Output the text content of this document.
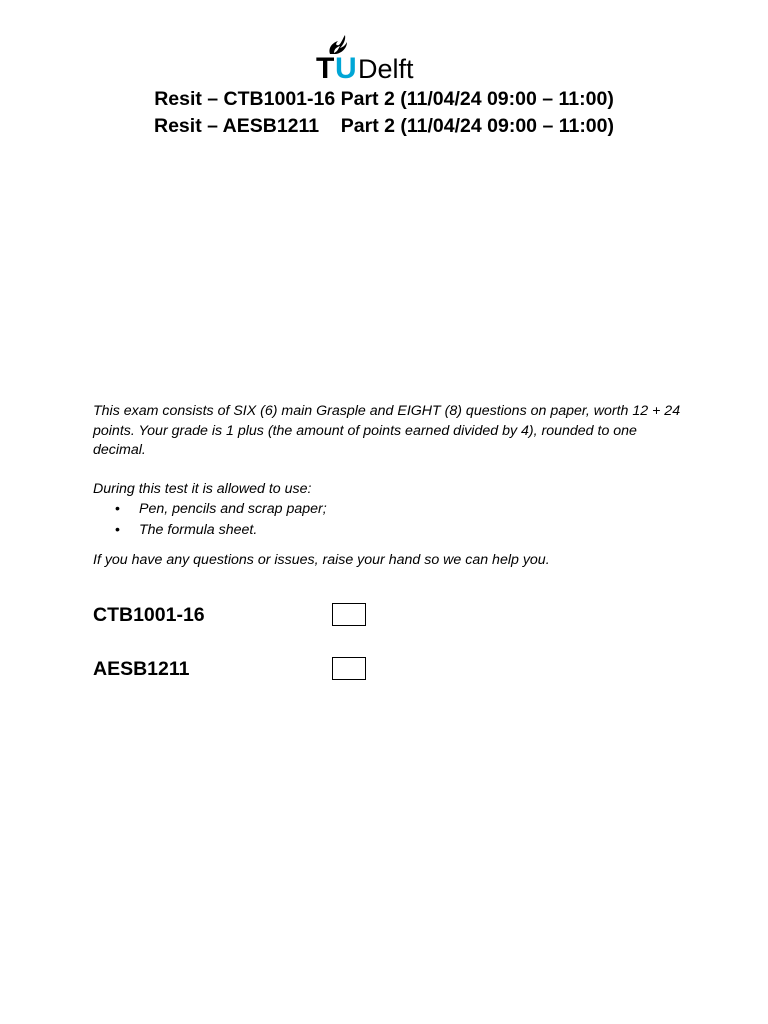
T U Delft
Resit – CTB1001-16 Part 2 (11/04/24 09:00 – 11:00)
Resit – AESB1211    Part 2 (11/04/24 09:00 – 11:00)

This exam consists of SIX (6) main Grasple and EIGHT (8) questions on paper, worth 12 + 24 points. Your grade is 1 plus (the amount of points earned divided by 4), rounded to one decimal.

During this test it is allowed to use:

• Pen, pencils and scrap paper;
• The formula sheet.

If you have any questions or issues, raise your hand so we can help you.

CTB1001-16
AESB1211
